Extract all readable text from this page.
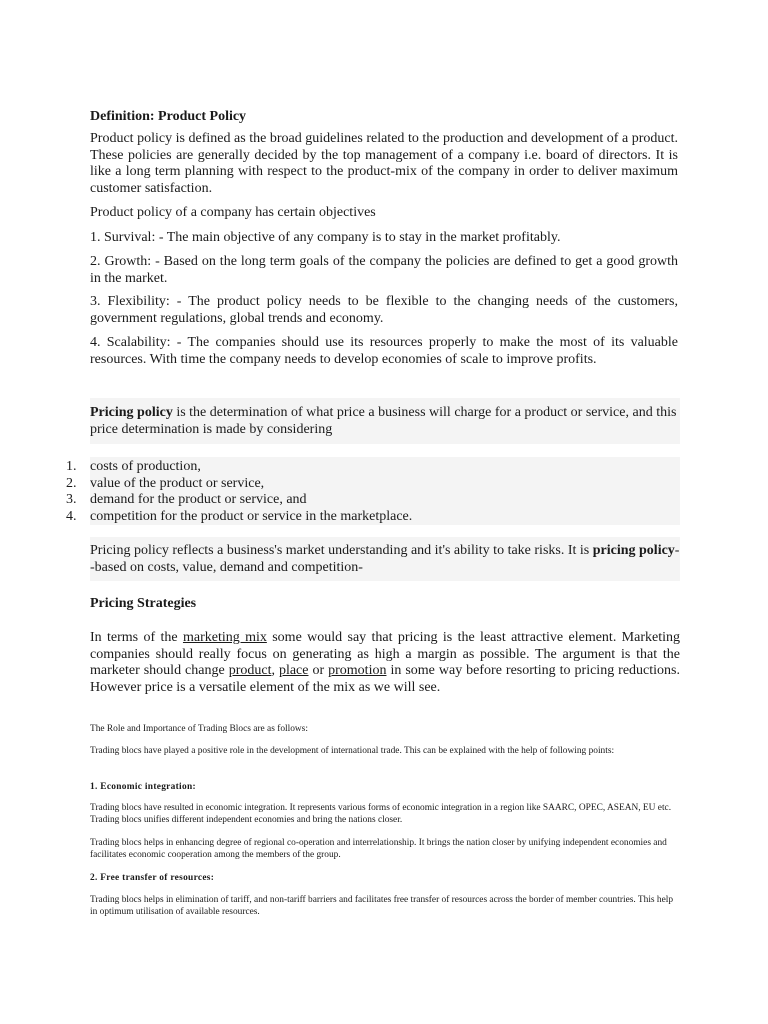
Definition: Product Policy

Product policy is defined as the broad guidelines related to the production and development of a product. These policies are generally decided by the top management of a company i.e. board of directors. It is like a long term planning with respect to the product-mix of the company in order to deliver maximum customer satisfaction.

Product policy of a company has certain objectives

1. Survival: - The main objective of any company is to stay in the market profitably.

2. Growth: - Based on the long term goals of the company the policies are defined to get a good growth in the market.

3. Flexibility: - The product policy needs to be flexible to the changing needs of the customers, government regulations, global trends and economy.

4. Scalability: - The companies should use its resources properly to make the most of its valuable resources. With time the company needs to develop economies of scale to improve profits.

Pricing policy is the determination of what price a business will charge for a product or service, and this price determination is made by considering

1. costs of production,
2. value of the product or service,
3. demand for the product or service, and
4. competition for the product or service in the marketplace.

Pricing policy reflects a business's market understanding and it's ability to take risks. It is pricing policy--based on costs, value, demand and competition-

Pricing Strategies

In terms of the marketing mix some would say that pricing is the least attractive element. Marketing companies should really focus on generating as high a margin as possible. The argument is that the marketer should change product, place or promotion in some way before resorting to pricing reductions. However price is a versatile element of the mix as we will see.

The Role and Importance of Trading Blocs are as follows:

Trading blocs have played a positive role in the development of international trade. This can be explained with the help of following points:

1. Economic integration:

Trading blocs have resulted in economic integration. It represents various forms of economic integration in a region like SAARC, OPEC, ASEAN, EU etc. Trading blocs unifies different independent economies and bring the nations closer.

Trading blocs helps in enhancing degree of regional co-operation and interrelationship. It brings the nation closer by unifying independent economies and facilitates economic cooperation among the members of the group.

2. Free transfer of resources:

Trading blocs helps in elimination of tariff, and non-tariff barriers and facilitates free transfer of resources across the border of member countries. This help in optimum utilisation of available resources.
